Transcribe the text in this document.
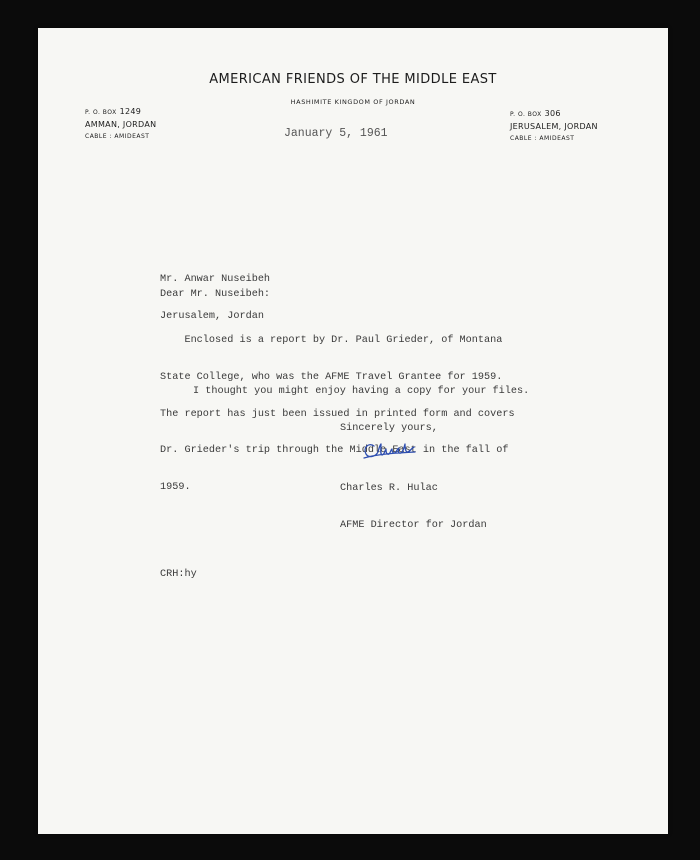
AMERICAN FRIENDS OF THE MIDDLE EAST
HASHIMITE KINGDOM OF JORDAN
P. O. BOX 1249
AMMAN, JORDAN
CABLE : AMIDEAST
P. O. BOX 306
JERUSALEM, JORDAN
CABLE : AMIDEAST
January 5, 1961

Mr. Anwar Nuseibeh

Jerusalem, Jordan

Dear Mr. Nuseibeh:

Enclosed is a report by Dr. Paul Grieder, of Montana

State College, who was the AFME Travel Grantee for 1959.

The report has just been issued in printed form and covers

Dr. Grieder's trip through the Middle East in the fall of

1959.

I thought you might enjoy having a copy for your files.
Sincerely yours,

Charles R. Hulac

AFME Director for Jordan

CRH:hy
